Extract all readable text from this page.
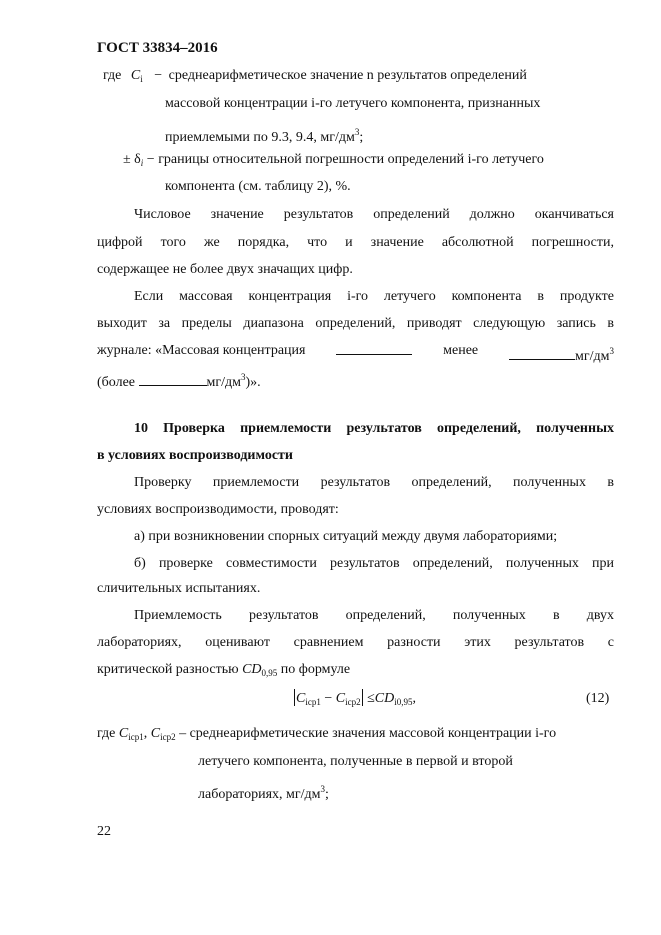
ГОСТ 33834–2016
где $C_i$ − среднеарифметическое значение n результатов определений
массовой концентрации i-го летучего компонента, признанных
приемлемыми по 9.3, 9.4, $мг/дм^3$;
± $\delta_i$ − границы относительной погрешности определений i-го летучего
компонента (см. таблицу 2), %.
Числовое значение результатов определений должно оканчиваться
цифрой того же порядка, что и значение абсолютной погрешности,
содержащее не более двух значащих цифр.
Если массовая концентрация i-го летучего компонента в продукте
выходит за пределы диапазона определений, приводят следующую запись в
журнале: «Массовая концентрация	менее	$мг/дм^3$
(более	$мг/дм^3$)».
10 Проверка приемлемости результатов определений, полученных
в условиях воспроизводимости
Проверку приемлемости результатов определений, полученных в
условиях воспроизводимости, проводят:
а) при возникновении спорных ситуаций между двумя лабораториями;
б) проверке совместимости результатов определений, полученных при
сличительных испытаниях.
Приемлемость результатов определений, полученных в двух
лабораториях, оценивают сравнением разности этих результатов с
критической разностью $CD_{0,95}$ по формуле
$C_{icp1} - C_{icp2} \le CD_{i0,95}$,	(12)
где $C_{icp1}$, $C_{icp2}$ – среднеарифметические значения массовой концентрации i-го
летучего компонента, полученные в первой и второй
лабораториях, $мг/дм^3$;
22
